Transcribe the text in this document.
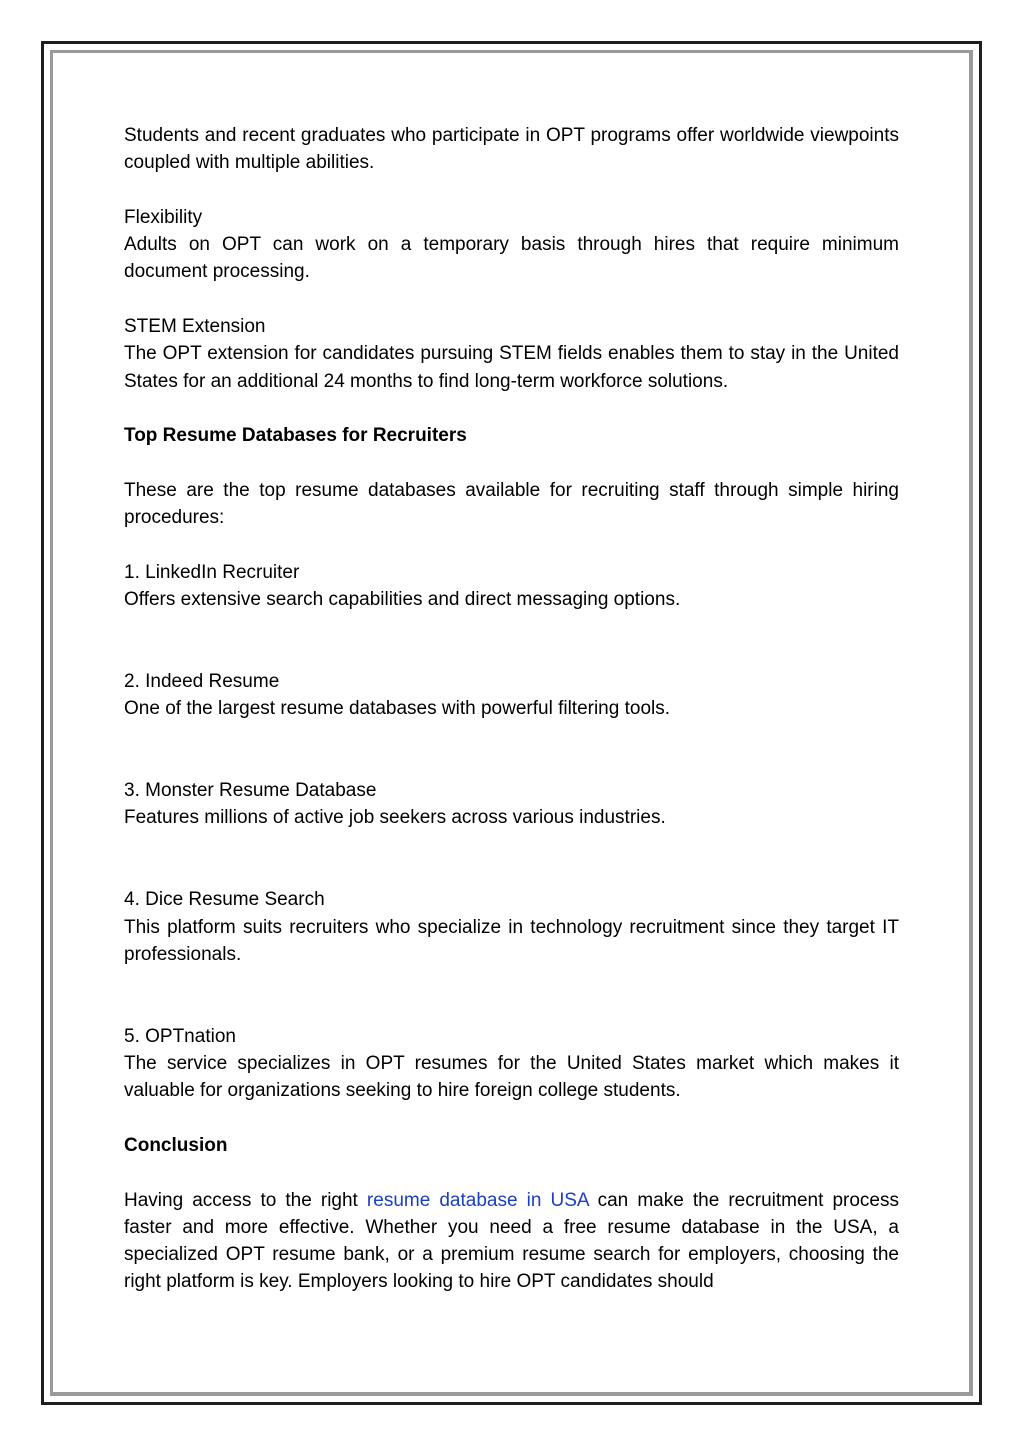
Students and recent graduates who participate in OPT programs offer worldwide viewpoints coupled with multiple abilities.

Flexibility

Adults on OPT can work on a temporary basis through hires that require minimum document processing.

STEM Extension

The OPT extension for candidates pursuing STEM fields enables them to stay in the United States for an additional 24 months to find long-term workforce solutions.

Top Resume Databases for Recruiters

These are the top resume databases available for recruiting staff through simple hiring procedures:

1. LinkedIn Recruiter

Offers extensive search capabilities and direct messaging options.

2. Indeed Resume

One of the largest resume databases with powerful filtering tools.

3. Monster Resume Database

Features millions of active job seekers across various industries.

4. Dice Resume Search

This platform suits recruiters who specialize in technology recruitment since they target IT professionals.

5. OPTnation

The service specializes in OPT resumes for the United States market which makes it valuable for organizations seeking to hire foreign college students.

Conclusion

Having access to the right resume database in USA can make the recruitment process faster and more effective. Whether you need a free resume database in the USA, a specialized OPT resume bank, or a premium resume search for employers, choosing the right platform is key. Employers looking to hire OPT candidates should
